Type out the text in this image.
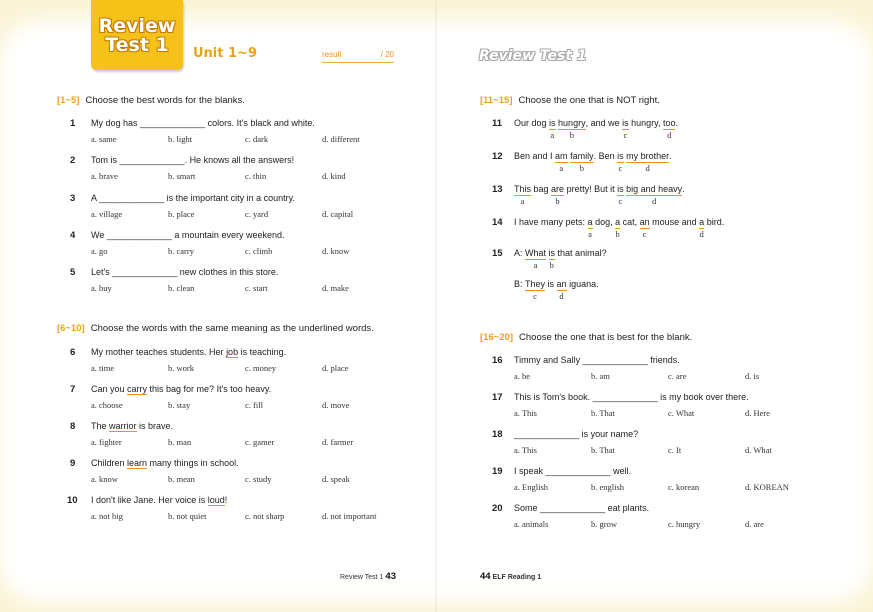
Review
Test 1	Unit 1~9	result	/ 20	Review Test 1
[1~5] Choose the best words for the blanks.
1 My dog has _____________ colors. It's black and white.
a. same	b. light	c. dark	d. different
2 Tom is _____________. He knows all the answers!
a. brave	b. smart	c. thin	d. kind
3 A _____________ is the important city in a country.
a. village	b. place	c. yard	d. capital
4 We _____________ a mountain every weekend.
a. go	b. carry	c. climb	d. know
5 Let's _____________ new clothes in this store.
a. buy	b. clean	c. start	d. make
[6~10] Choose the words with the same meaning as the underlined words.
6 My mother teaches students. Her job is teaching.
a. time	b. work	c. money	d. place
7 Can you carry this bag for me? It's too heavy.
a. choose	b. stay	c. fill	d. move
8 The warrior is brave.
a. fighter	b. man	c. gamer	d. farmer
9 Children learn many things in school.
a. know	b. mean	c. study	d. speak
10 I don't like Jane. Her voice is loud!
a. not big	b. not quiet	c. not sharp	d. not important
[11~15] Choose the one that is NOT right.
11 Our dog is
a
hungry
b
, and we is
c
hungry, too
d
.
12 Ben and I am
a
family
b
. Ben is
c
my brother
d
.
13 This
a
bag are
b
pretty! But it is
c
big and heavy
d
.
14 I have many pets: a
a
dog, a
b
cat, an
c
mouse and a
d
bird.
15 A: What
a
is
b
that animal?
B: They
c
is an
d
iguana.
[16~20] Choose the one that is best for the blank.
16 Timmy and Sally _____________ friends.
a. be	b. am	c. are	d. is
17 This is Tom's book. _____________ is my book over there.
a. This	b. That	c. What	d. Here
18 _____________ is your name?
a. This	b. That	c. It	d. What
19 I speak _____________ well.
a. English	b. english	c. korean	d. KOREAN
20 Some _____________ eat plants.
a. animals	b. grow	c. hungry	d. are
Review Test 1 43	44 ELF Reading 1
